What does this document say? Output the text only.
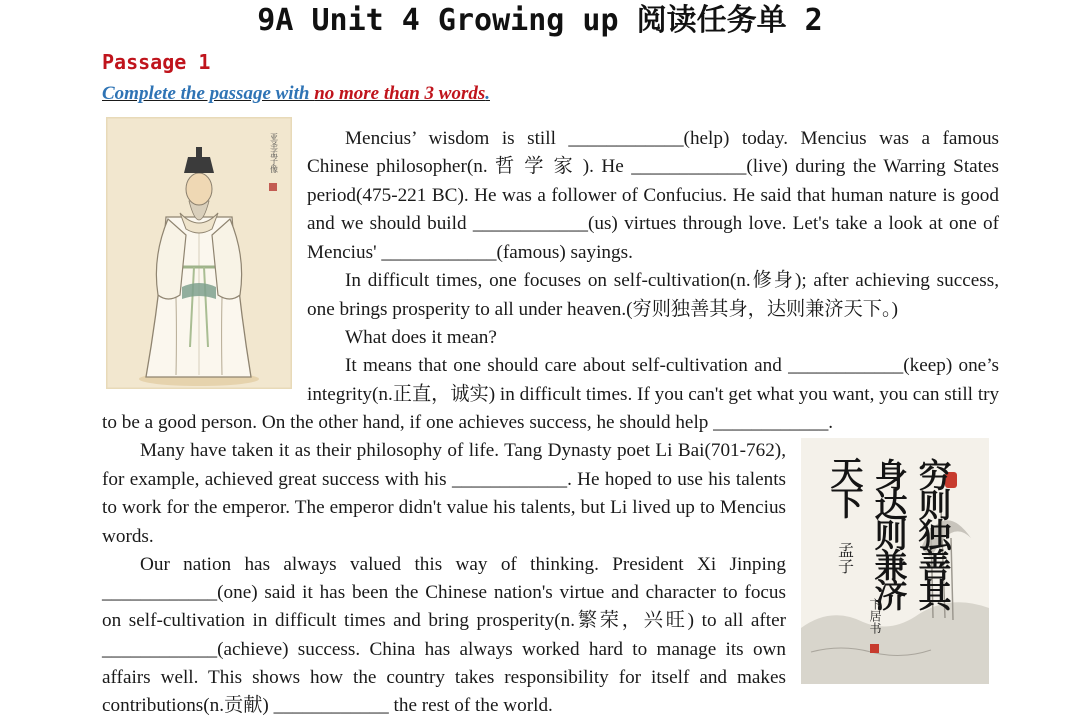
9A Unit 4 Growing up 阅读任务单 2
Passage 1
Complete the passage with no more than 3 words.
亚圣孟子像
穷则独善其
身达则兼济
天下
孟子
卞居书
Mencius’ wisdom is still ____________(help) today. Mencius was a famous
Chinese philosopher(n. 哲 学 家 ). He ____________(live) during the Warring States
period(475-221 BC). He was a follower of Confucius. He said that human nature is good
and we should build ____________(us) virtues through love. Let's take a look at one of
Mencius' ____________(famous) sayings.
In difficult times, one focuses on self-cultivation(n.修身); after achieving success,
one brings prosperity to all under heaven.(穷则独善其身，达则兼济天下。)
What does it mean?
It means that one should care about self-cultivation and ____________(keep) one’s
integrity(n.正直，诚实) in difficult times. If you can't get what you want, you can still try
to be a good person. On the other hand, if one achieves success, he should help ____________.
Many have taken it as their philosophy of life. Tang Dynasty poet Li Bai(701-762),
for example, achieved great success with his ____________. He hoped to use his talents
to work for the emperor. The emperor didn't value his talents, but Li lived up to Mencius
words.
Our nation has always valued this way of thinking. President Xi Jinping
____________(one) said it has been the Chinese nation's virtue and character to focus
on self-cultivation in difficult times and bring prosperity(n.繁荣，兴旺) to all after
____________(achieve) success. China has always worked hard to manage its own
affairs well. This shows how the country takes responsibility for itself and makes
contributions(n.贡献) ____________ the rest of the world.
